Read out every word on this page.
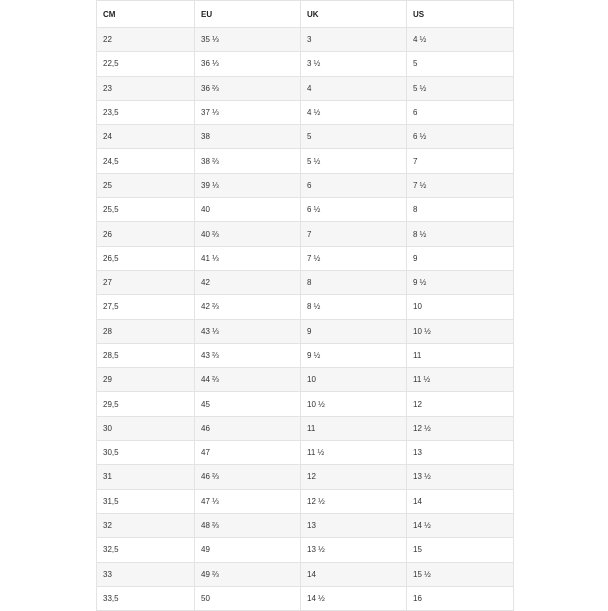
CM	EU	UK	US
22	35 ⅓	3	4 ½
22,5	36 ⅓	3 ½	5
23	36 ⅔	4	5 ½
23,5	37 ⅓	4 ½	6
24	38	5	6 ½
24,5	38 ⅔	5 ½	7
25	39 ⅓	6	7 ½
25,5	40	6 ½	8
26	40 ⅔	7	8 ½
26,5	41 ⅓	7 ½	9
27	42	8	9 ½
27,5	42 ⅔	8 ½	10
28	43 ⅓	9	10 ½
28,5	43 ⅔	9 ½	11
29	44 ⅔	10	11 ½
29,5	45	10 ½	12
30	46	11	12 ½
30,5	47	11 ½	13
31	46 ⅔	12	13 ½
31,5	47 ⅓	12 ½	14
32	48 ⅔	13	14 ½
32,5	49	13 ½	15
33	49 ⅔	14	15 ½
33,5	50	14 ½	16
